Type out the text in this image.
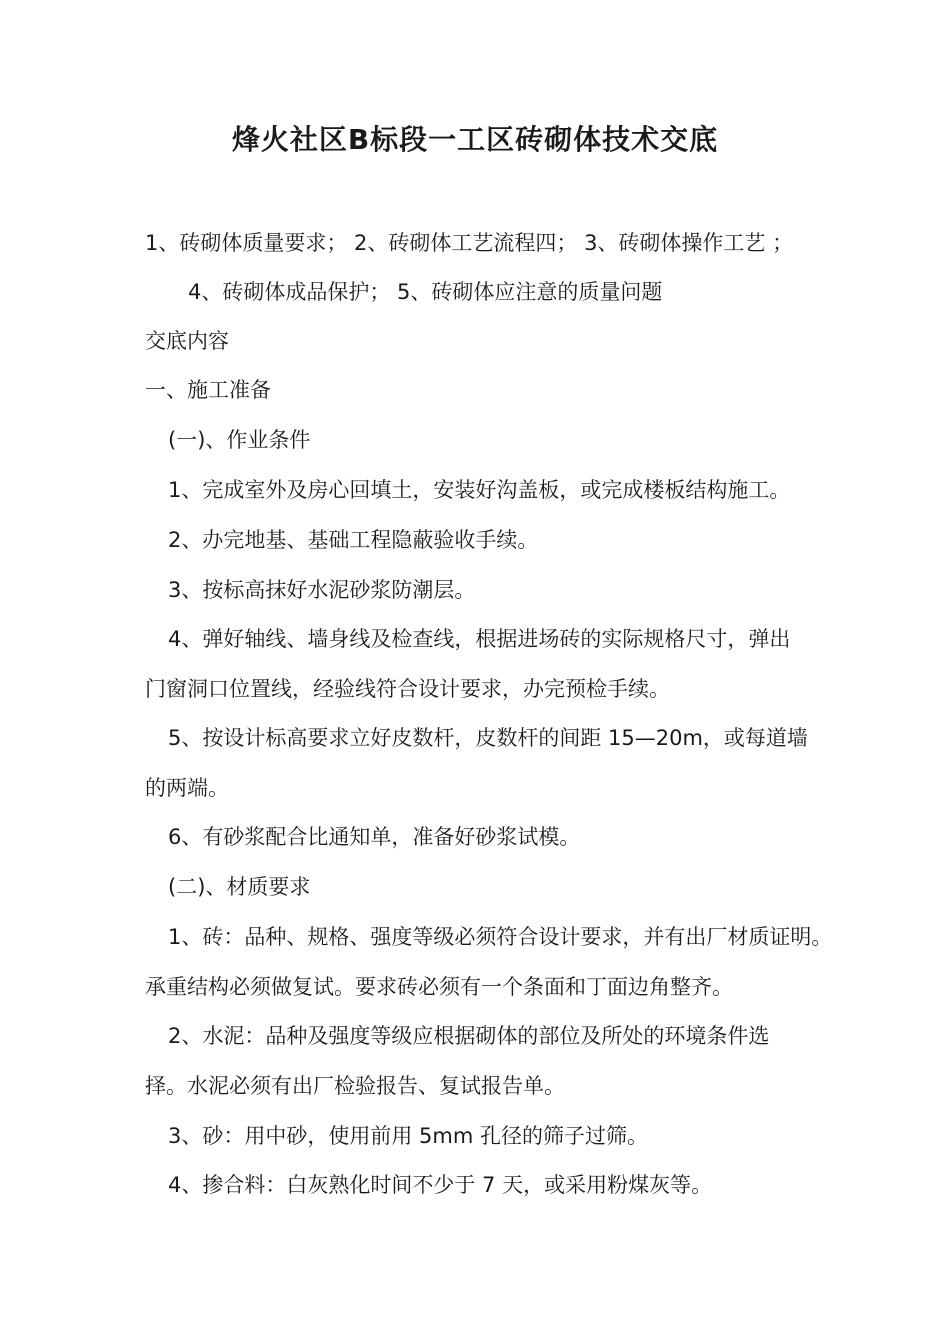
烽火社区B标段一工区砖砌体技术交底
1、砖砌体质量要求； 2、砖砌体工艺流程四； 3、砖砌体操作工艺 ；
4、砖砌体成品保护； 5、砖砌体应注意的质量问题
交底内容
一、施工准备
(一)、作业条件
1、完成室外及房心回填土，安装好沟盖板，或完成楼板结构施工。
2、办完地基、基础工程隐蔽验收手续。
3、按标高抹好水泥砂浆防潮层。
4、弹好轴线、墙身线及检查线，根据进场砖的实际规格尺寸，弹出
门窗洞口位置线，经验线符合设计要求，办完预检手续。
5、按设计标高要求立好皮数杆，皮数杆的间距 15—20m，或每道墙
的两端。
6、有砂浆配合比通知单，准备好砂浆试模。
(二)、材质要求
1、砖：品种、规格、强度等级必须符合设计要求，并有出厂材质证明。
承重结构必须做复试。要求砖必须有一个条面和丁面边角整齐。
2、水泥：品种及强度等级应根据砌体的部位及所处的环境条件选
择。水泥必须有出厂检验报告、复试报告单。
3、砂：用中砂，使用前用 5mm 孔径的筛子过筛。
4、掺合料：白灰熟化时间不少于 7 天，或采用粉煤灰等。
